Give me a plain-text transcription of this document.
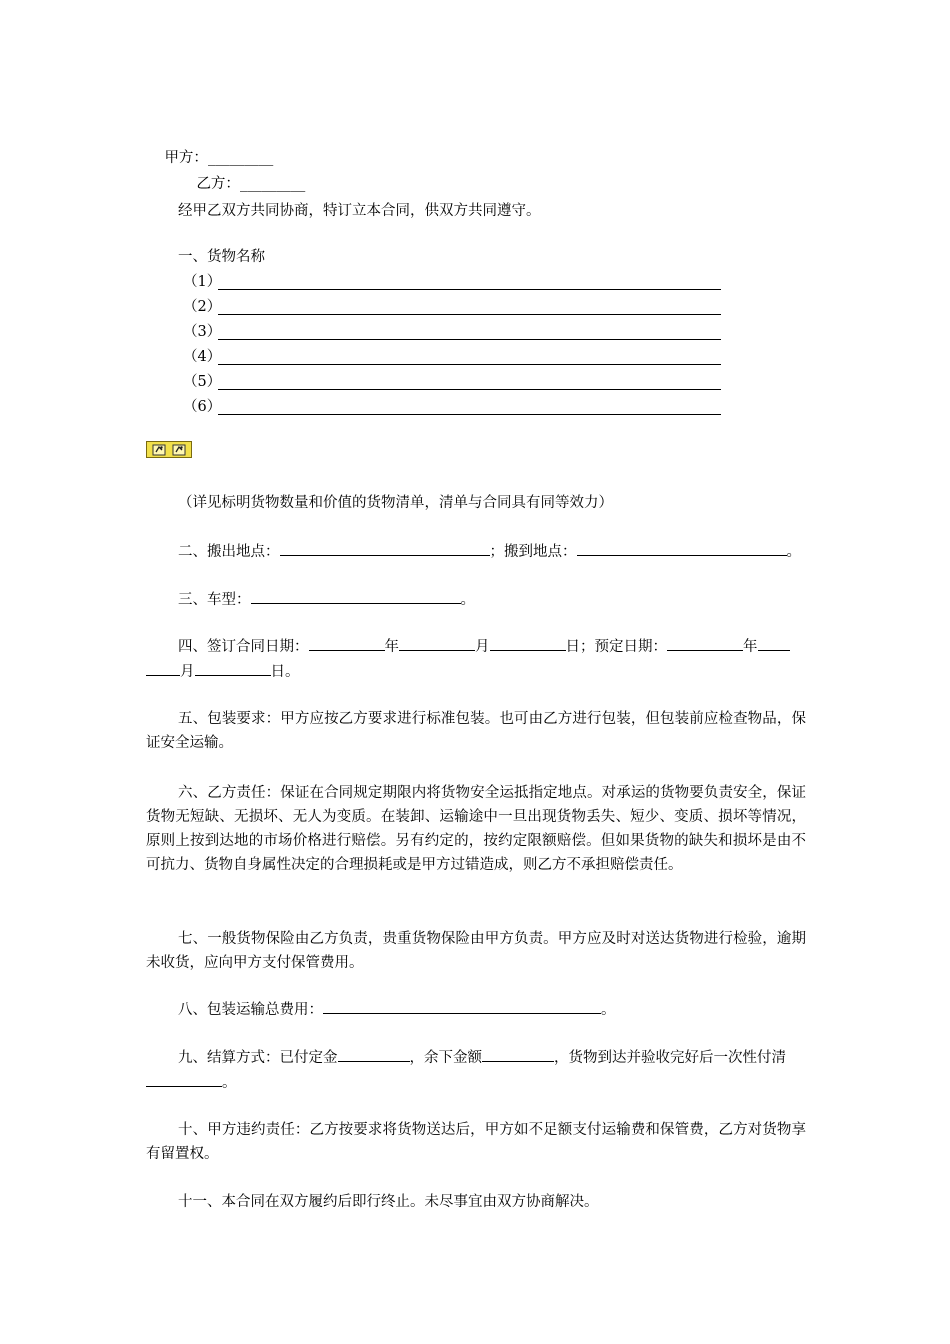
甲方：_________

乙方：_________

经甲乙双方共同协商，特订立本合同，供双方共同遵守。
一、货物名称
（1）
（2）
（3）
（4）
（5）
（6）
（详见标明货物数量和价值的货物清单，清单与合同具有同等效力）
二、搬出地点：	；搬到地点：	。
三、车型：	。
四、签订合同日期：	年	月	日；预定日期：	年
月	日。
五、包装要求：甲方应按乙方要求进行标准包装。也可由乙方进行包装，但包装前应检查物品，保证安全运输。
六、乙方责任：保证在合同规定期限内将货物安全运抵指定地点。对承运的货物要负责安全，保证货物无短缺、无损坏、无人为变质。在装卸、运输途中一旦出现货物丢失、短少、变质、损坏等情况，原则上按到达地的市场价格进行赔偿。另有约定的，按约定限额赔偿。但如果货物的缺失和损坏是由不可抗力、货物自身属性决定的合理损耗或是甲方过错造成，则乙方不承担赔偿责任。
七、一般货物保险由乙方负责，贵重货物保险由甲方负责。甲方应及时对送达货物进行检验，逾期未收货，应向甲方支付保管费用。
八、包装运输总费用：	。
九、结算方式：已付定金	，余下金额	，货物到达并验收完好后一次性付清
。
十、甲方违约责任：乙方按要求将货物送达后，甲方如不足额支付运输费和保管费，乙方对货物享有留置权。
十一、本合同在双方履约后即行终止。未尽事宜由双方协商解决。
